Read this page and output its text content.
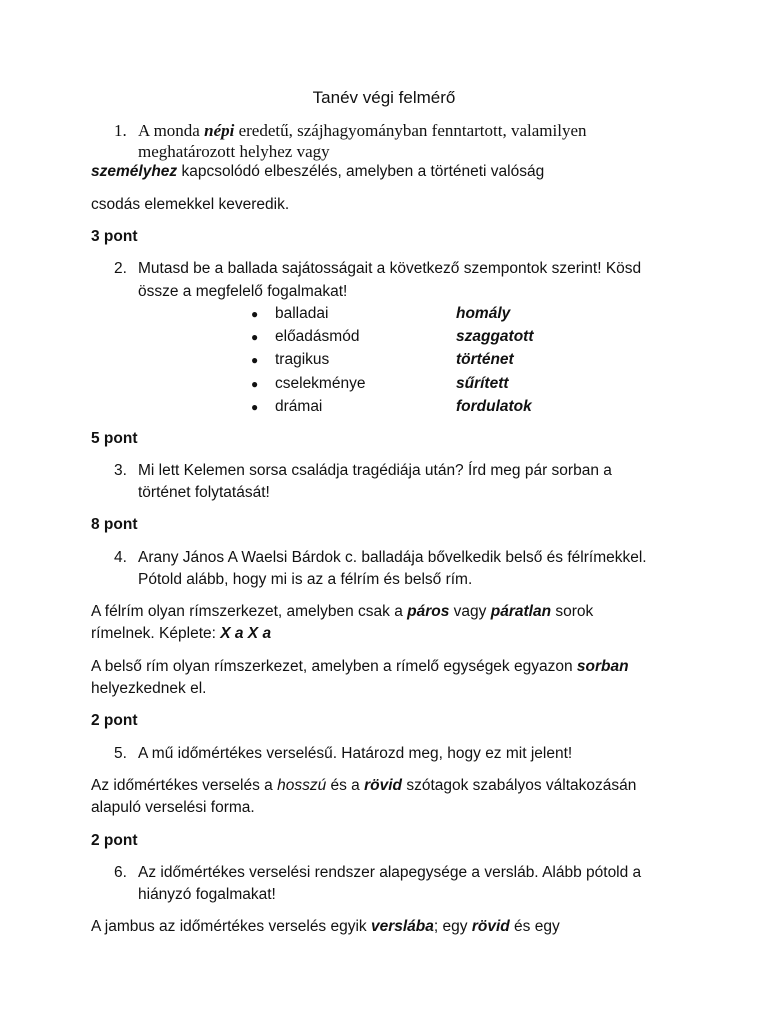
Tanév végi felmérő
1. A monda népi eredetű, szájhagyományban fenntartott, valamilyen
meghatározott helyhez vagy
személyhez kapcsolódó elbeszélés, amelyben a történeti valóság
csodás elemekkel keveredik.
3 pont
2. Mutasd be a ballada sajátosságait a következő szempontok szerint! Kösd
össze a megfelelő fogalmakat!
● balladai	homály
● előadásmód	szaggatott
● tragikus	történet
● cselekménye	sűrített
● drámai	fordulatok
5 pont
3. Mi lett Kelemen sorsa családja tragédiája után? Írd meg pár sorban a
történet folytatását!
8 pont
4. Arany János A Waelsi Bárdok c. balladája bővelkedik belső és félrímekkel.
Pótold alább, hogy mi is az a félrím és belső rím.
A félrím olyan rímszerkezet, amelyben csak a páros vagy páratlan sorok
rímelnek. Képlete: X a X a
A belső rím olyan rímszerkezet, amelyben a rímelő egységek egyazon sorban
helyezkednek el.
2 pont
5. A mű időmértékes verselésű. Határozd meg, hogy ez mit jelent!
Az időmértékes verselés a hosszú és a rövid szótagok szabályos váltakozásán
alapuló verselési forma.
2 pont
6. Az időmértékes verselési rendszer alapegysége a versláb. Alább pótold a
hiányzó fogalmakat!
A jambus az időmértékes verselés egyik verslába; egy rövid és egy
